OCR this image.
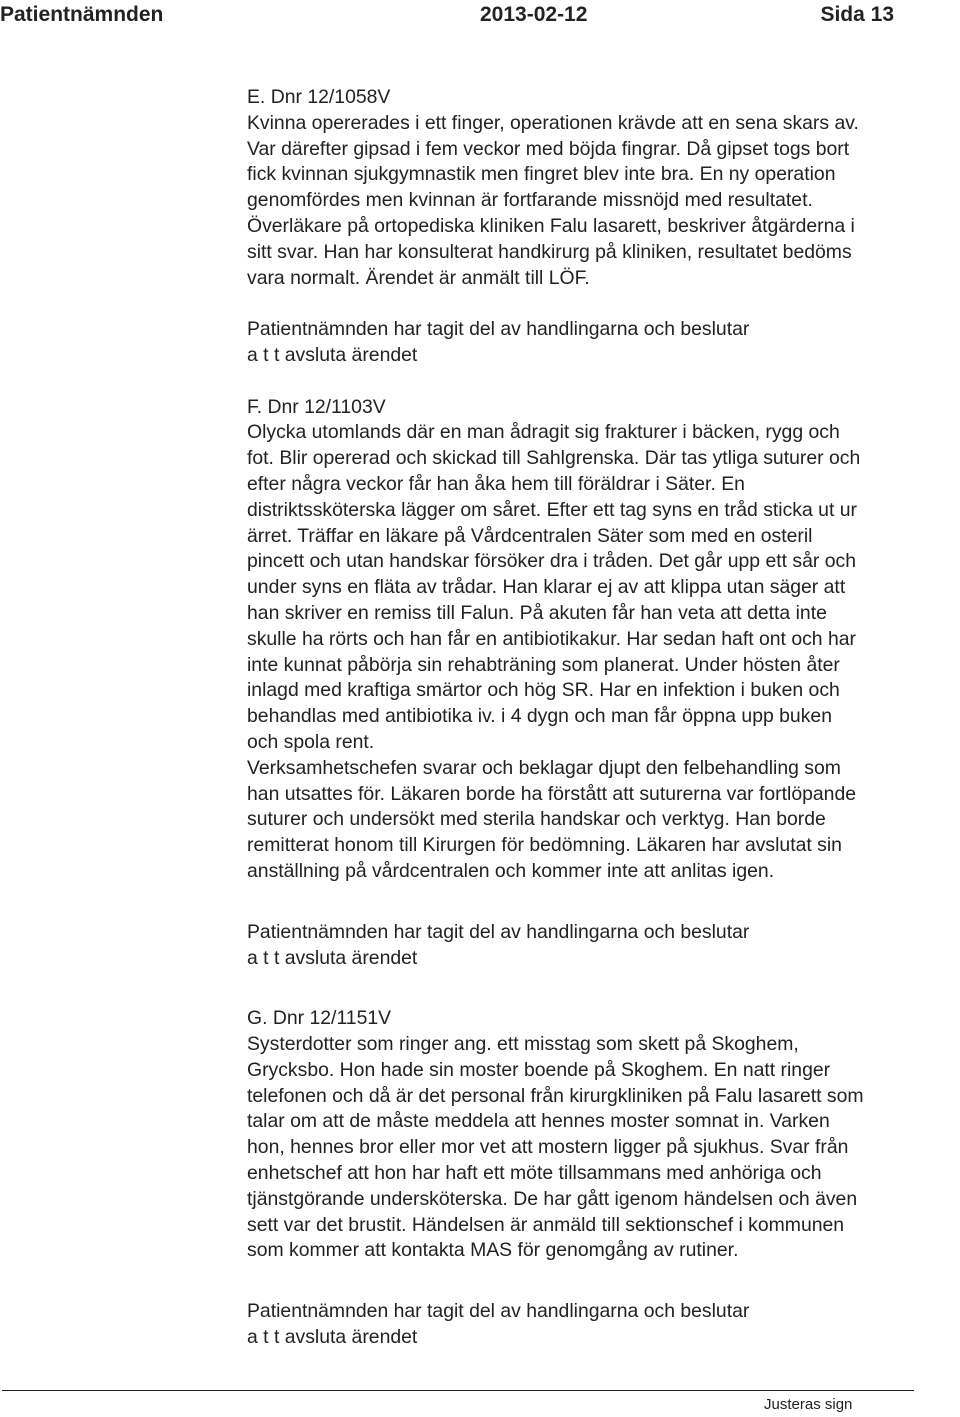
Patientnämnden	2013-02-12	Sida 13
E. Dnr 12/1058V
Kvinna opererades i ett finger, operationen krävde att en sena skars av.
Var därefter gipsad i fem veckor med böjda fingrar. Då gipset togs bort
fick kvinnan sjukgymnastik men fingret blev inte bra. En ny operation
genomfördes men kvinnan är fortfarande missnöjd med resultatet.
Överläkare på ortopediska kliniken Falu lasarett, beskriver åtgärderna i
sitt svar. Han har konsulterat handkirurg på kliniken, resultatet bedöms
vara normalt. Ärendet är anmält till LÖF.
Patientnämnden har tagit del av handlingarna och beslutar
a t t avsluta ärendet
F. Dnr 12/1103V
Olycka utomlands där en man ådragit sig frakturer i bäcken, rygg och
fot. Blir opererad och skickad till Sahlgrenska. Där tas ytliga suturer och
efter några veckor får han åka hem till föräldrar i Säter. En
distriktssköterska lägger om såret. Efter ett tag syns en tråd sticka ut ur
ärret. Träffar en läkare på Vårdcentralen Säter som med en osteril
pincett och utan handskar försöker dra i tråden. Det går upp ett sår och
under syns en fläta av trådar. Han klarar ej av att klippa utan säger att
han skriver en remiss till Falun. På akuten får han veta att detta inte
skulle ha rörts och han får en antibiotikakur. Har sedan haft ont och har
inte kunnat påbörja sin rehabträning som planerat. Under hösten åter
inlagd med kraftiga smärtor och hög SR. Har en infektion i buken och
behandlas med antibiotika iv. i 4 dygn och man får öppna upp buken
och spola rent.
Verksamhetschefen svarar och beklagar djupt den felbehandling som
han utsattes för. Läkaren borde ha förstått att suturerna var fortlöpande
suturer och undersökt med sterila handskar och verktyg. Han borde
remitterat honom till Kirurgen för bedömning. Läkaren har avslutat sin
anställning på vårdcentralen och kommer inte att anlitas igen.
Patientnämnden har tagit del av handlingarna och beslutar
a t t avsluta ärendet
G. Dnr 12/1151V
Systerdotter som ringer ang. ett misstag som skett på Skoghem,
Grycksbo. Hon hade sin moster boende på Skoghem. En natt ringer
telefonen och då är det personal från kirurgkliniken på Falu lasarett som
talar om att de måste meddela att hennes moster somnat in. Varken
hon, hennes bror eller mor vet att mostern ligger på sjukhus. Svar från
enhetschef att hon har haft ett möte tillsammans med anhöriga och
tjänstgörande undersköterska. De har gått igenom händelsen och även
sett var det brustit. Händelsen är anmäld till sektionschef i kommunen
som kommer att kontakta MAS för genomgång av rutiner.
Patientnämnden har tagit del av handlingarna och beslutar
a t t avsluta ärendet
Justeras sign
